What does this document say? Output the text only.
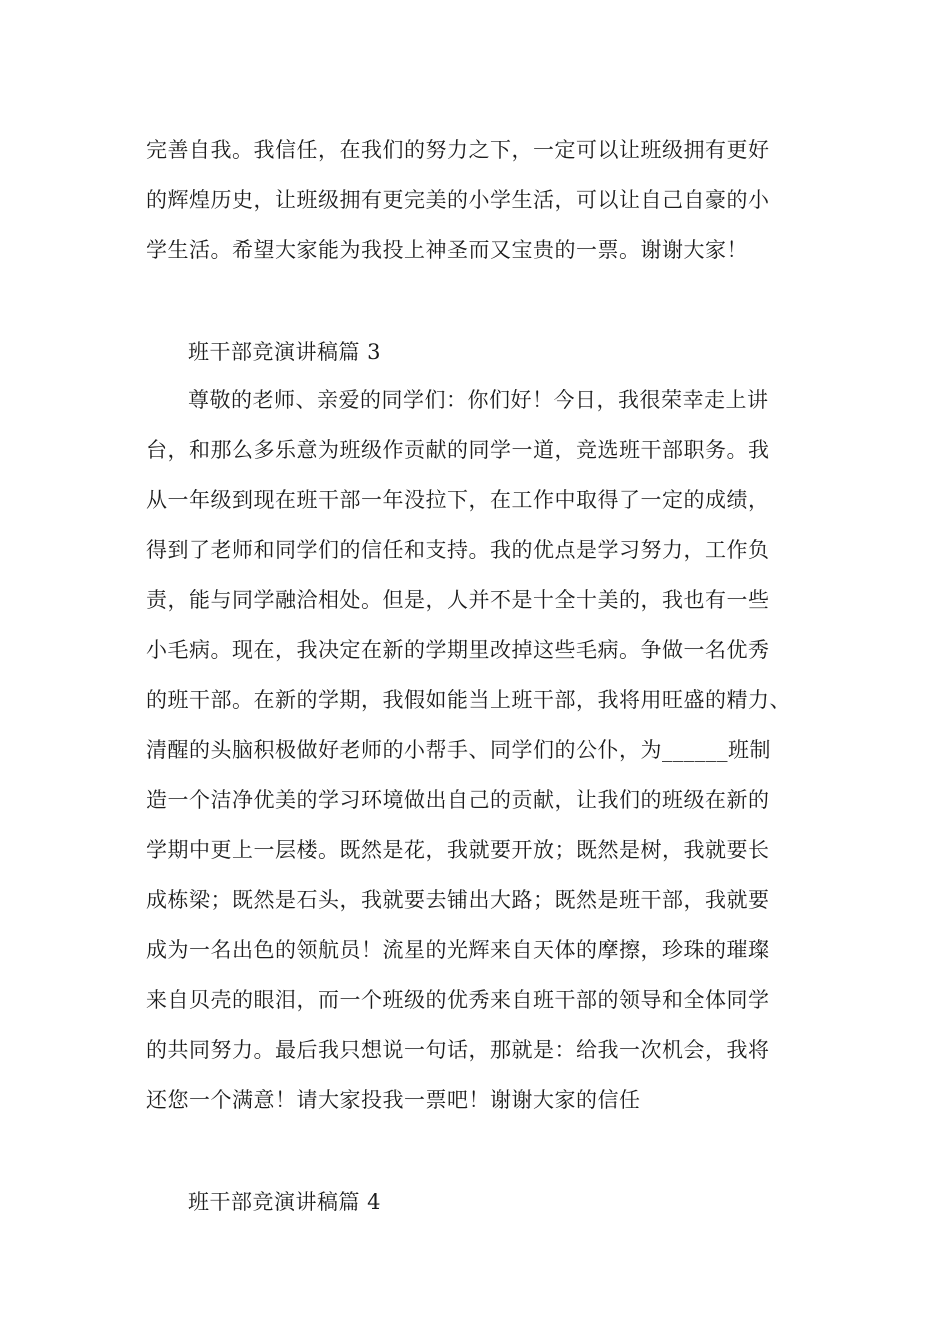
完善自我。我信任，在我们的努力之下，一定可以让班级拥有更好
的辉煌历史，让班级拥有更完美的小学生活，可以让自己自豪的小
学生活。希望大家能为我投上神圣而又宝贵的一票。谢谢大家！
班干部竞演讲稿篇 3
尊敬的老师、亲爱的同学们：你们好！今日，我很荣幸走上讲
台，和那么多乐意为班级作贡献的同学一道，竞选班干部职务。我
从一年级到现在班干部一年没拉下，在工作中取得了一定的成绩，
得到了老师和同学们的信任和支持。我的优点是学习努力，工作负
责，能与同学融洽相处。但是，人并不是十全十美的，我也有一些
小毛病。现在，我决定在新的学期里改掉这些毛病。争做一名优秀
的班干部。在新的学期，我假如能当上班干部，我将用旺盛的精力、
清醒的头脑积极做好老师的小帮手、同学们的公仆，为______班制
造一个洁净优美的学习环境做出自己的贡献，让我们的班级在新的
学期中更上一层楼。既然是花，我就要开放；既然是树，我就要长
成栋梁；既然是石头，我就要去铺出大路；既然是班干部，我就要
成为一名出色的领航员！流星的光辉来自天体的摩擦，珍珠的璀璨
来自贝壳的眼泪，而一个班级的优秀来自班干部的领导和全体同学
的共同努力。最后我只想说一句话，那就是：给我一次机会，我将
还您一个满意！请大家投我一票吧！谢谢大家的信任
班干部竞演讲稿篇 4
